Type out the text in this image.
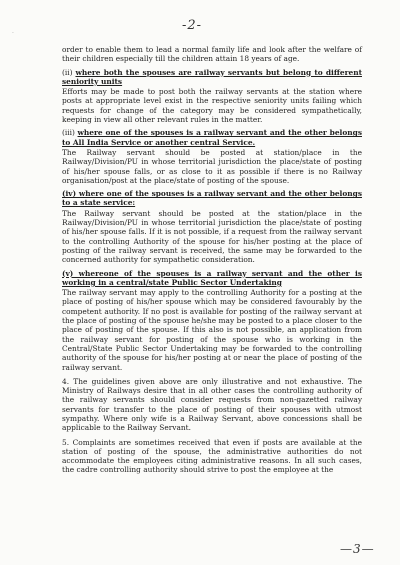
-2-
·

order to enable them to lead a normal family life and look after the welfare of their children especially till the children attain 18 years of age.

(ii) where both the spouses are railway servants but belong to different seniority units

Efforts may be made to post both the railway servants at the station where posts at appropriate level exist in the respective seniority units failing which requests for change of the category may be considered sympathetically, keeping in view all other relevant rules in the matter.

(iii) where one of the spouses is a railway servant and the other belongs to All India Service or another central Service.

The Railway servant should be posted at station/place in the Railway/Division/PU in whose territorial jurisdiction the place/state of posting of his/her spouse falls, or as close to it as possible if there is no Railway organisation/post at the place/state of posting of the spouse.

(iv) where one of the spouses is a railway servant and the other belongs to a state service:

The Railway servant should be posted at the station/place in the Railway/Division/PU in whose territorial jurisdiction the place/state of posting of his/her spouse falls. If it is not possible, if a request from the railway servant to the controlling Authority of the spouse for his/her posting at the place of posting of the railway servant is received, the same may be forwarded to the concerned authority for sympathetic consideration.

(v) whereone of the spouses is a railway servant and the other is working in a central/state Public Sector Undertaking

The railway servant may apply to the controlling Authority for a posting at the place of posting of his/her spouse which may be considered favourably by the competent authority. If no post is available for posting of the railway servant at the place of posting of the spouse he/she may be posted to a place closer to the place of posting of the spouse. If this also is not possible, an application from the railway servant for posting of the spouse who is working in the Central/State Public Sector Undertaking may be forwarded to the controlling authority of the spouse for his/her posting at or near the place of posting of the railway servant.

4. The guidelines given above are only illustrative and not exhaustive. The Ministry of Railways desire that in all other cases the controlling authority of the railway servants should consider requests from non-gazetted railway servants for transfer to the place of posting of their spouses with utmost sympathy. Where only wife is a Railway Servant, above concessions shall be applicable to the Railway Servant.

5. Complaints are sometimes received that even if posts are available at the station of posting of the spouse, the administrative authorities do not accommodate the employees citing administrative reasons. In all such cases, the cadre controlling authority should strive to post the employee at the

—3—
